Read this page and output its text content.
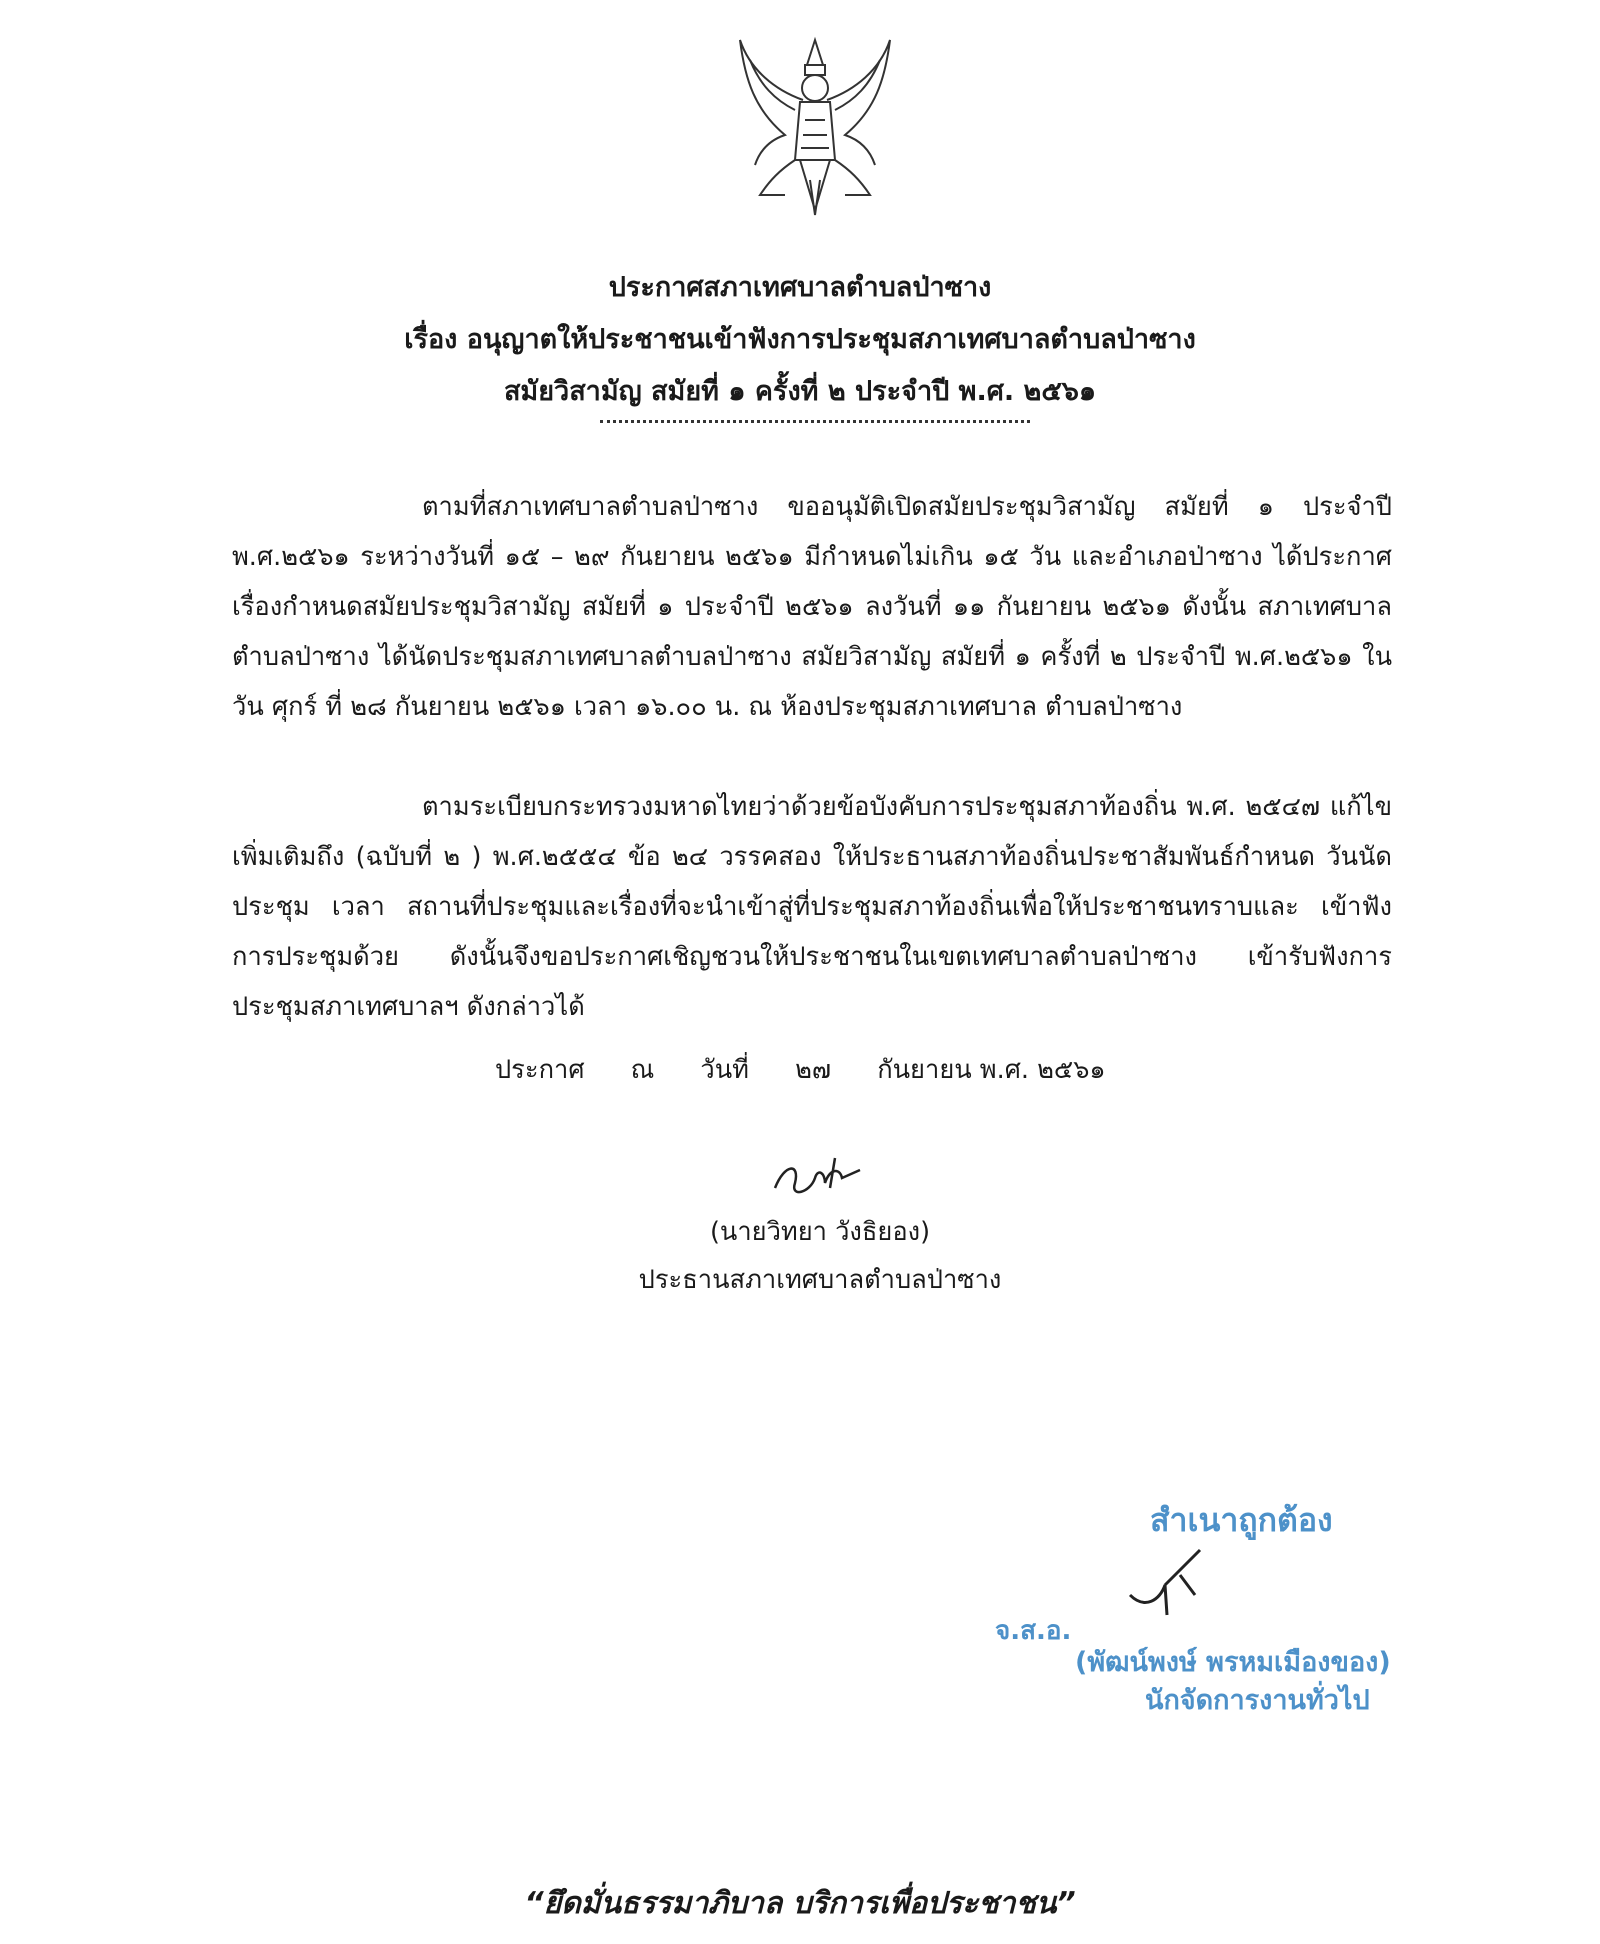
ประกาศสภาเทศบาลตำบลป่าซาง
เรื่อง อนุญาตให้ประชาชนเข้าฟังการประชุมสภาเทศบาลตำบลป่าซาง
สมัยวิสามัญ สมัยที่ ๑ ครั้งที่ ๒ ประจำปี พ.ศ. ๒๕๖๑
ตามที่สภาเทศบาลตำบลป่าซาง ขออนุมัติเปิดสมัยประชุมวิสามัญ สมัยที่ ๑ ประจำปี พ.ศ.๒๕๖๑ ระหว่างวันที่ ๑๕ – ๒๙ กันยายน ๒๕๖๑ มีกำหนดไม่เกิน ๑๕ วัน และอำเภอป่าซาง ได้ประกาศ เรื่องกำหนดสมัยประชุมวิสามัญ สมัยที่ ๑ ประจำปี ๒๕๖๑ ลงวันที่ ๑๑ กันยายน ๒๕๖๑ ดังนั้น สภาเทศบาลตำบลป่าซาง ได้นัดประชุมสภาเทศบาลตำบลป่าซาง สมัยวิสามัญ สมัยที่ ๑ ครั้งที่ ๒ ประจำปี พ.ศ.๒๕๖๑ ในวัน ศุกร์ ที่ ๒๘ กันยายน ๒๕๖๑ เวลา ๑๖.๐๐ น. ณ ห้องประชุมสภาเทศบาล ตำบลป่าซาง
ตามระเบียบกระทรวงมหาดไทยว่าด้วยข้อบังคับการประชุมสภาท้องถิ่น พ.ศ. ๒๕๔๗ แก้ไขเพิ่มเติมถึง (ฉบับที่ ๒ ) พ.ศ.๒๕๕๔ ข้อ ๒๔ วรรคสอง ให้ประธานสภาท้องถิ่นประชาสัมพันธ์กำหนด วันนัดประชุม เวลา สถานที่ประชุมและเรื่องที่จะนำเข้าสู่ที่ประชุมสภาท้องถิ่นเพื่อให้ประชาชนทราบและ เข้าฟังการประชุมด้วย ดังนั้นจึงขอประกาศเชิญชวนให้ประชาชนในเขตเทศบาลตำบลป่าซาง เข้ารับฟังการ ประชุมสภาเทศบาลฯ ดังกล่าวได้
ประกาศ ณ วันที่ ๒๗ กันยายน พ.ศ. ๒๕๖๑
(นายวิทยา วังธิยอง)
ประธานสภาเทศบาลตำบลป่าซาง
สำเนาถูกต้อง
จ.ส.อ.
(พัฒน์พงษ์ พรหมเมืองของ)
นักจัดการงานทั่วไป
“ยึดมั่นธรรมาภิบาล บริการเพื่อประชาชน”
